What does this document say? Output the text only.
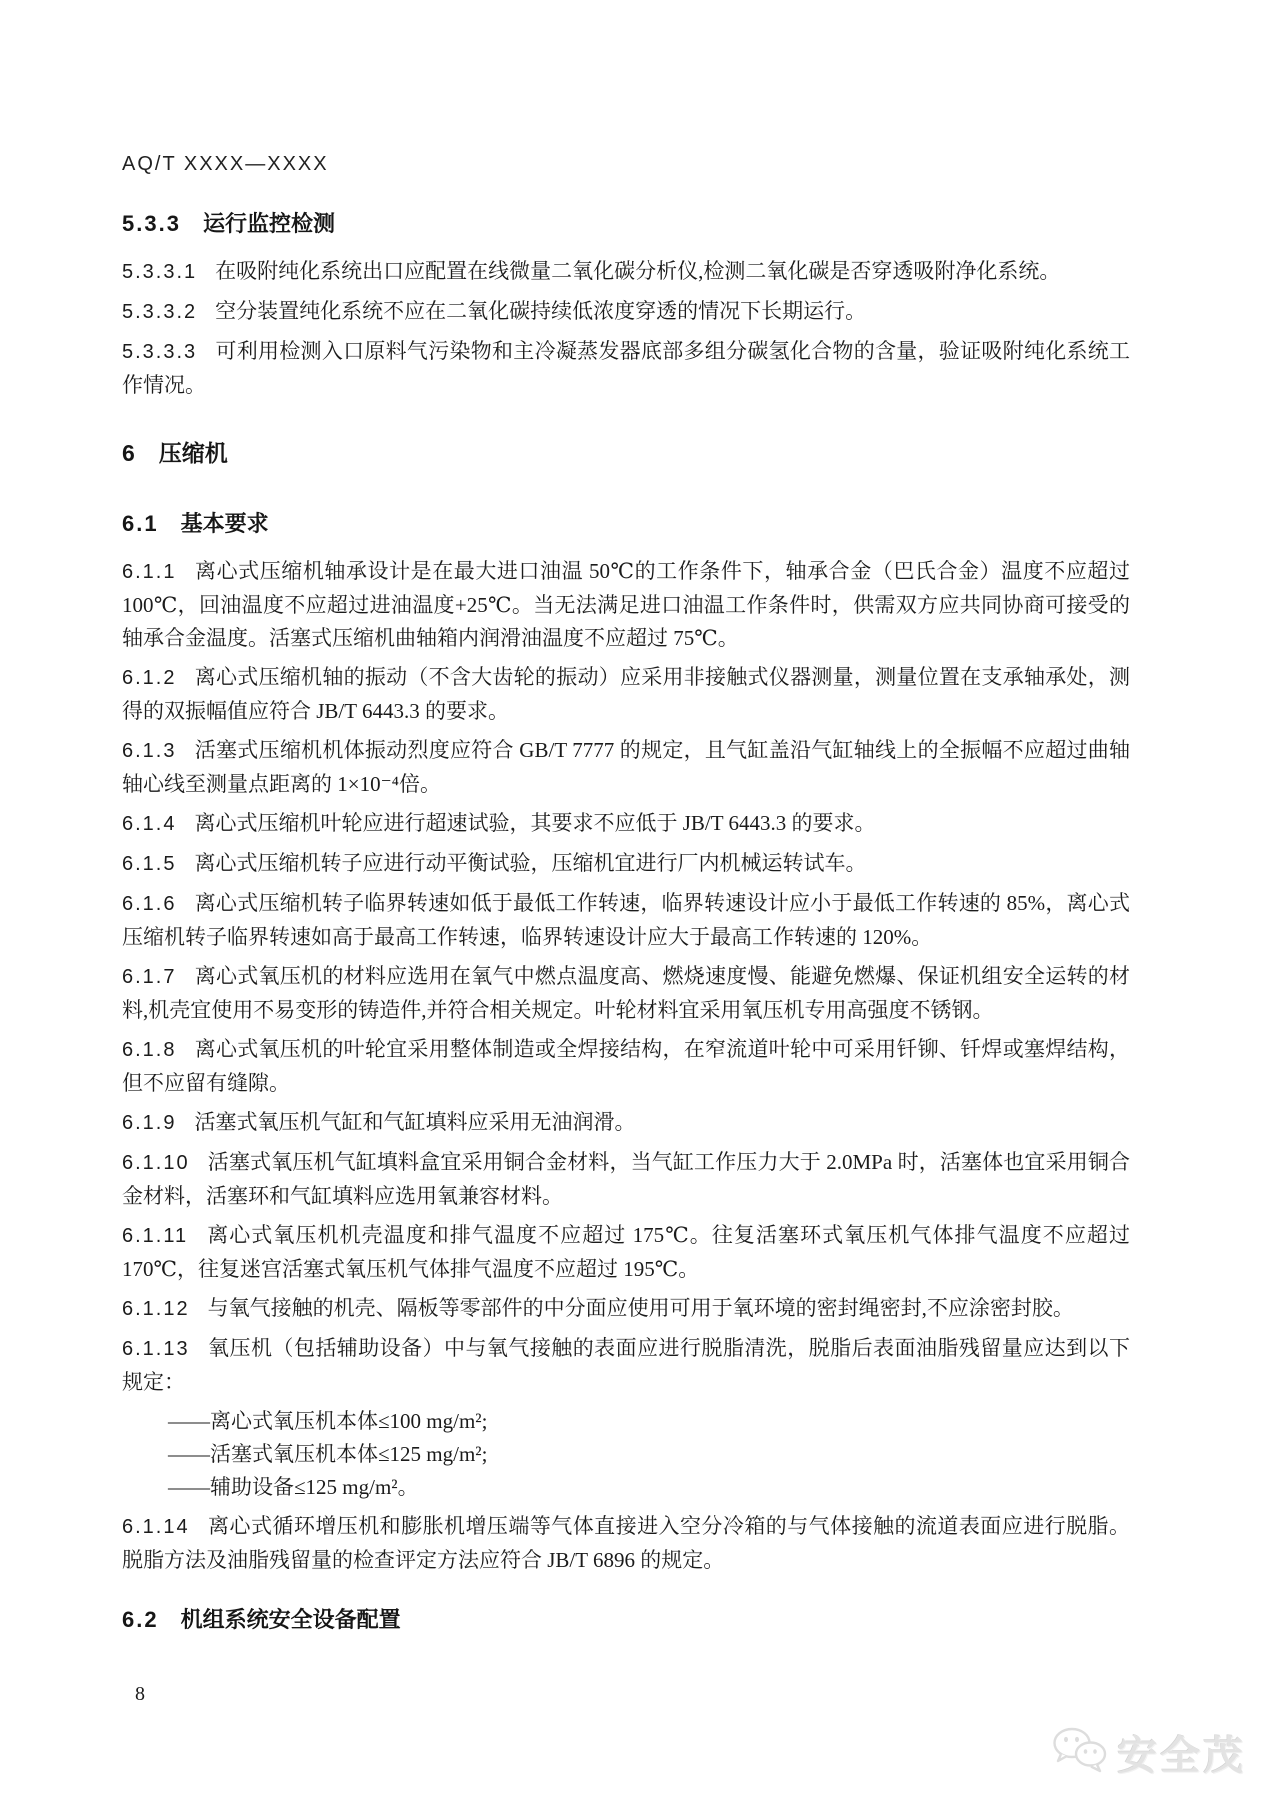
AQ/T XXXX—XXXX
5.3.3 运行监控检测

5.3.3.1 在吸附纯化系统出口应配置在线微量二氧化碳分析仪,检测二氧化碳是否穿透吸附净化系统。

5.3.3.2 空分装置纯化系统不应在二氧化碳持续低浓度穿透的情况下长期运行。

5.3.3.3 可利用检测入口原料气污染物和主冷凝蒸发器底部多组分碳氢化合物的含量，验证吸附纯化系统工作情况。

6 压缩机
6.1 基本要求

6.1.1 离心式压缩机轴承设计是在最大进口油温 50℃的工作条件下，轴承合金（巴氏合金）温度不应超过 100℃，回油温度不应超过进油温度+25℃。当无法满足进口油温工作条件时，供需双方应共同协商可接受的轴承合金温度。活塞式压缩机曲轴箱内润滑油温度不应超过 75℃。

6.1.2 离心式压缩机轴的振动（不含大齿轮的振动）应采用非接触式仪器测量，测量位置在支承轴承处，测得的双振幅值应符合 JB/T 6443.3 的要求。

6.1.3 活塞式压缩机机体振动烈度应符合 GB/T 7777 的规定，且气缸盖沿气缸轴线上的全振幅不应超过曲轴轴心线至测量点距离的 1×10⁻⁴倍。

6.1.4 离心式压缩机叶轮应进行超速试验，其要求不应低于 JB/T 6443.3 的要求。

6.1.5 离心式压缩机转子应进行动平衡试验，压缩机宜进行厂内机械运转试车。

6.1.6 离心式压缩机转子临界转速如低于最低工作转速，临界转速设计应小于最低工作转速的 85%，离心式压缩机转子临界转速如高于最高工作转速，临界转速设计应大于最高工作转速的 120%。

6.1.7 离心式氧压机的材料应选用在氧气中燃点温度高、燃烧速度慢、能避免燃爆、保证机组安全运转的材料,机壳宜使用不易变形的铸造件,并符合相关规定。叶轮材料宜采用氧压机专用高强度不锈钢。

6.1.8 离心式氧压机的叶轮宜采用整体制造或全焊接结构，在窄流道叶轮中可采用钎铆、钎焊或塞焊结构，但不应留有缝隙。

6.1.9 活塞式氧压机气缸和气缸填料应采用无油润滑。

6.1.10 活塞式氧压机气缸填料盒宜采用铜合金材料，当气缸工作压力大于 2.0MPa 时，活塞体也宜采用铜合金材料，活塞环和气缸填料应选用氧兼容材料。

6.1.11 离心式氧压机机壳温度和排气温度不应超过 175℃。往复活塞环式氧压机气体排气温度不应超过 170℃，往复迷宫活塞式氧压机气体排气温度不应超过 195℃。

6.1.12 与氧气接触的机壳、隔板等零部件的中分面应使用可用于氧环境的密封绳密封,不应涂密封胶。

6.1.13 氧压机（包括辅助设备）中与氧气接触的表面应进行脱脂清洗，脱脂后表面油脂残留量应达到以下规定：

——离心式氧压机本体≤100 mg/m²;
——活塞式氧压机本体≤125 mg/m²;
——辅助设备≤125 mg/m²。

6.1.14 离心式循环增压机和膨胀机增压端等气体直接进入空分冷箱的与气体接触的流道表面应进行脱脂。脱脂方法及油脂残留量的检查评定方法应符合 JB/T 6896 的规定。

6.2 机组系统安全设备配置
8
安全茂
